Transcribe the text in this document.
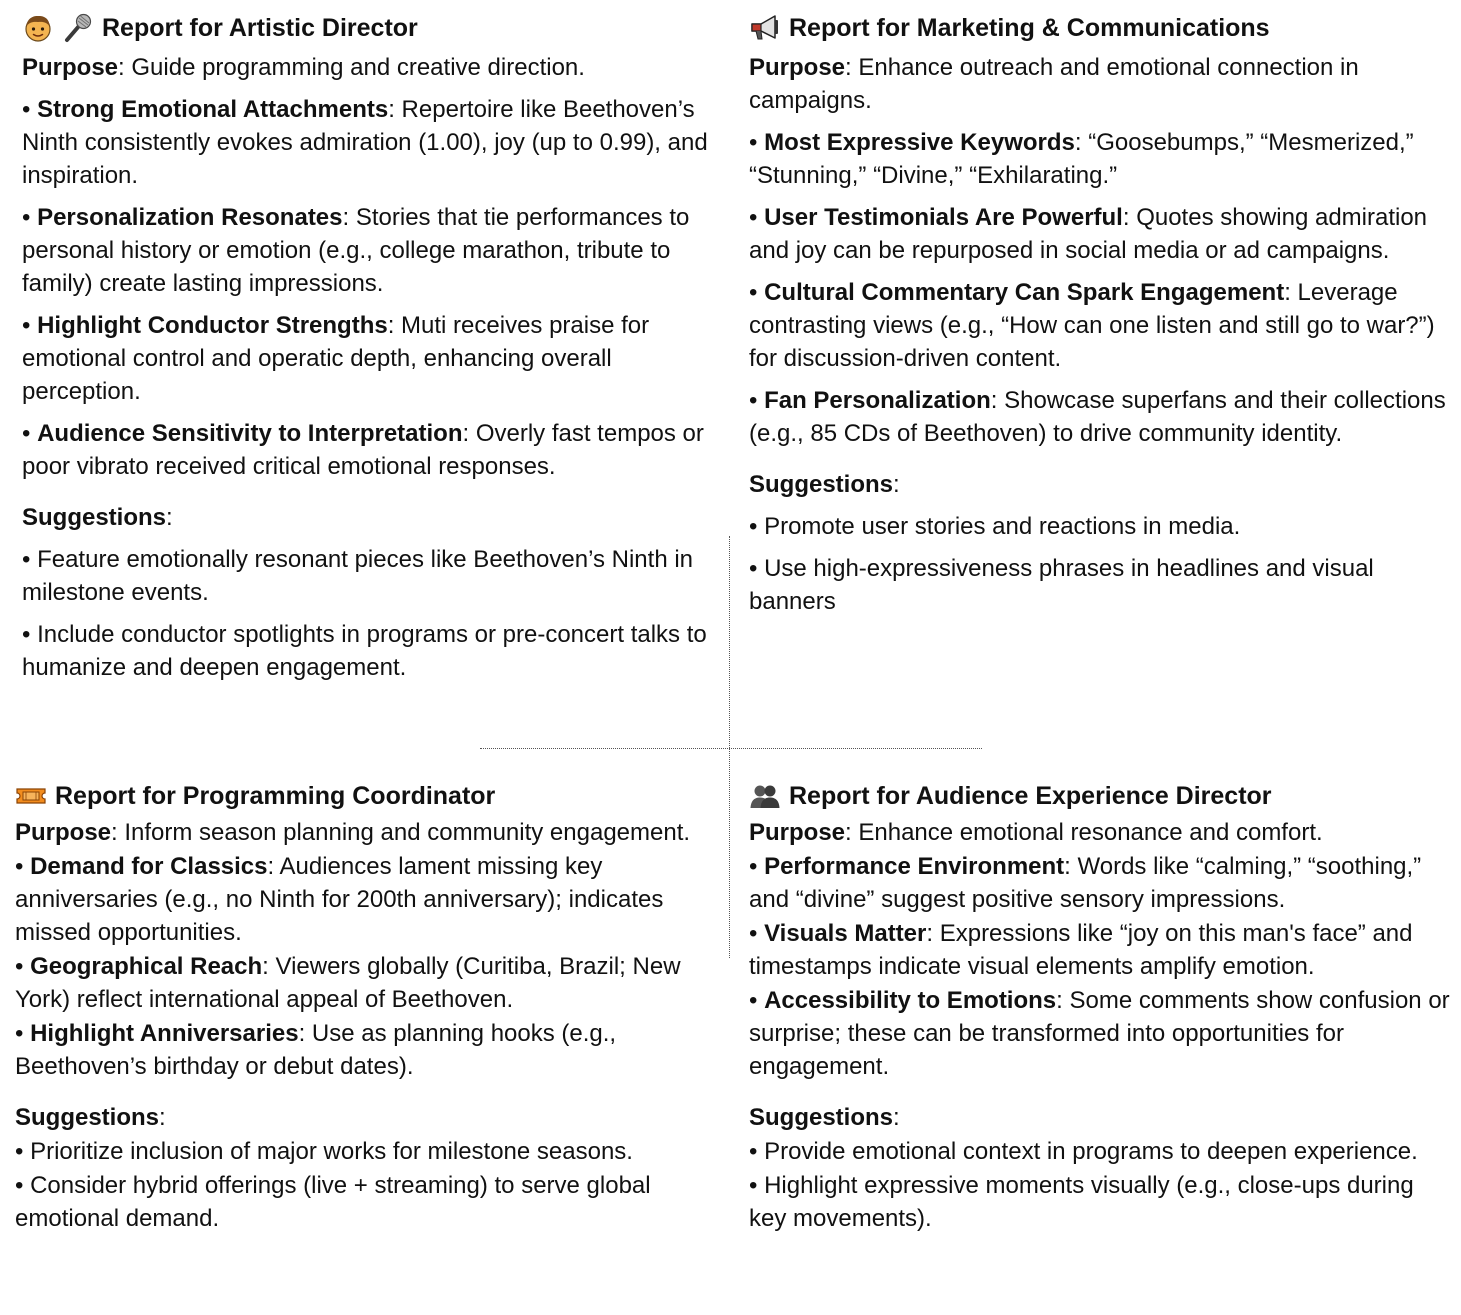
Report for Artistic Director

Purpose: Guide programming and creative direction.

• Strong Emotional Attachments: Repertoire like Beethoven’s Ninth consistently evokes admiration (1.00), joy (up to 0.99), and inspiration.

• Personalization Resonates: Stories that tie performances to personal history or emotion (e.g., college marathon, tribute to family) create lasting impressions.

• Highlight Conductor Strengths: Muti receives praise for emotional control and operatic depth, enhancing overall perception.

• Audience Sensitivity to Interpretation: Overly fast tempos or poor vibrato received critical emotional responses.

Suggestions:

• Feature emotionally resonant pieces like Beethoven’s Ninth in milestone events.

• Include conductor spotlights in programs or pre-concert talks to humanize and deepen engagement.

Report for Marketing & Communications

Purpose: Enhance outreach and emotional connection in campaigns.

• Most Expressive Keywords: “Goosebumps,” “Mesmerized,” “Stunning,” “Divine,” “Exhilarating.”

• User Testimonials Are Powerful: Quotes showing admiration and joy can be repurposed in social media or ad campaigns.

• Cultural Commentary Can Spark Engagement: Leverage contrasting views (e.g., “How can one listen and still go to war?”) for discussion-driven content.

• Fan Personalization: Showcase superfans and their collections (e.g., 85 CDs of Beethoven) to drive community identity.

Suggestions:

• Promote user stories and reactions in media.

• Use high-expressiveness phrases in headlines and visual banners

Report for Programming Coordinator

Purpose: Inform season planning and community engagement.

• Demand for Classics: Audiences lament missing key anniversaries (e.g., no Ninth for 200th anniversary); indicates missed opportunities.

• Geographical Reach: Viewers globally (Curitiba, Brazil; New York) reflect international appeal of Beethoven.

• Highlight Anniversaries: Use as planning hooks (e.g., Beethoven’s birthday or debut dates).

Suggestions:

• Prioritize inclusion of major works for milestone seasons.

• Consider hybrid offerings (live + streaming) to serve global emotional demand.

Report for Audience Experience Director

Purpose: Enhance emotional resonance and comfort.

• Performance Environment: Words like “calming,” “soothing,” and “divine” suggest positive sensory impressions.

• Visuals Matter: Expressions like “joy on this man's face” and timestamps indicate visual elements amplify emotion.

• Accessibility to Emotions: Some comments show confusion or surprise; these can be transformed into opportunities for engagement.

Suggestions:

• Provide emotional context in programs to deepen experience.

• Highlight expressive moments visually (e.g., close-ups during key movements).
